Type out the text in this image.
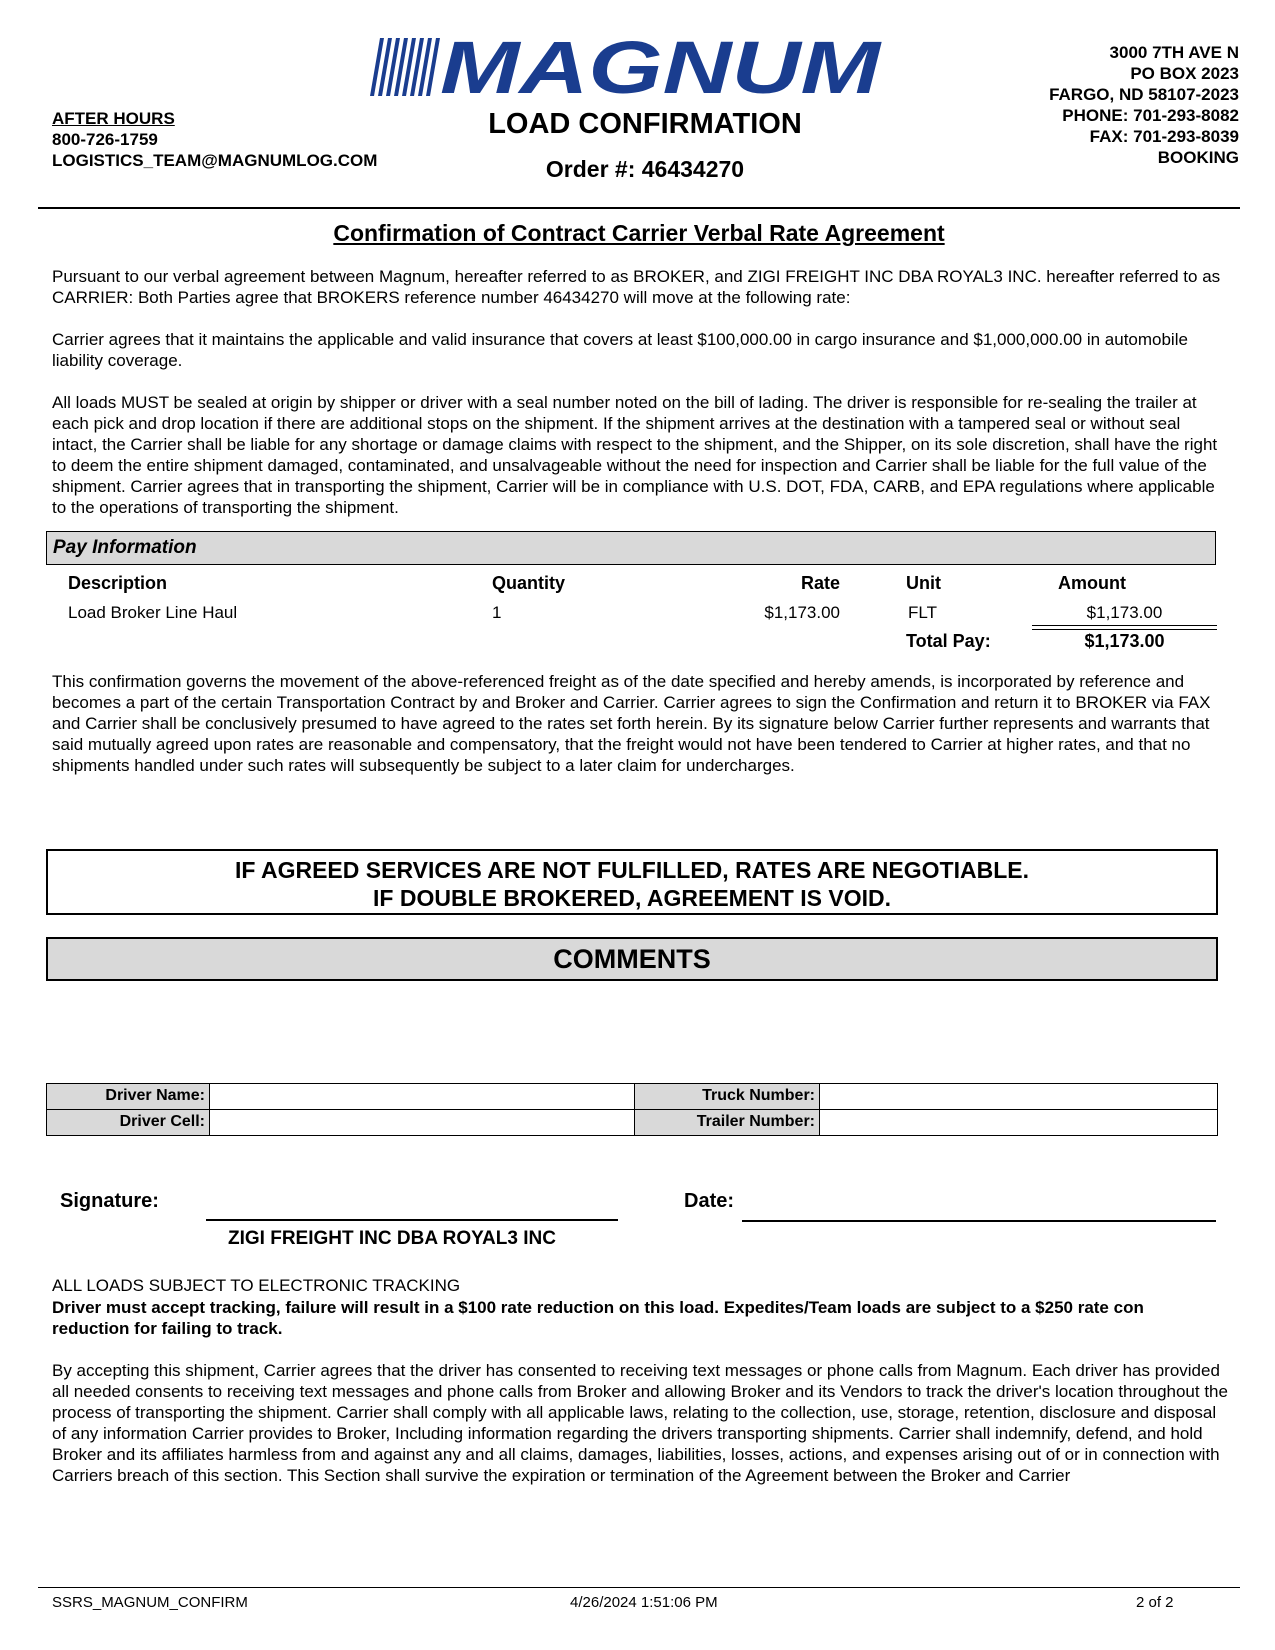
MAGNUM
AFTER HOURS
800-726-1759
LOGISTICS_TEAM@MAGNUMLOG.COM
LOAD CONFIRMATION
Order #: 46434270
3000 7TH AVE N
PO BOX 2023
FARGO, ND 58107-2023
PHONE: 701-293-8082
FAX: 701-293-8039
BOOKING
Confirmation of Contract Carrier Verbal Rate Agreement

Pursuant to our verbal agreement between Magnum, hereafter referred to as BROKER, and ZIGI FREIGHT INC DBA ROYAL3 INC. hereafter referred to as CARRIER: Both Parties agree that BROKERS reference number 46434270 will move at the following rate:

Carrier agrees that it maintains the applicable and valid insurance that covers at least $100,000.00 in cargo insurance and $1,000,000.00 in automobile liability coverage.

All loads MUST be sealed at origin by shipper or driver with a seal number noted on the bill of lading. The driver is responsible for re-sealing the trailer at each pick and drop location if there are additional stops on the shipment. If the shipment arrives at the destination with a tampered seal or without seal intact, the Carrier shall be liable for any shortage or damage claims with respect to the shipment, and the Shipper, on its sole discretion, shall have the right to deem the entire shipment damaged, contaminated, and unsalvageable without the need for inspection and Carrier shall be liable for the full value of the shipment. Carrier agrees that in transporting the shipment, Carrier will be in compliance with U.S. DOT, FDA, CARB, and EPA regulations where applicable to the operations of transporting the shipment.

Pay Information
Description	Quantity	Rate	Unit	Amount
Load Broker Line Haul	1	$1,173.00	FLT	$1,173.00
Total Pay:	$1,173.00

This confirmation governs the movement of the above-referenced freight as of the date specified and hereby amends, is incorporated by reference and becomes a part of the certain Transportation Contract by and Broker and Carrier. Carrier agrees to sign the Confirmation and return it to BROKER via FAX and Carrier shall be conclusively presumed to have agreed to the rates set forth herein. By its signature below Carrier further represents and warrants that said mutually agreed upon rates are reasonable and compensatory, that the freight would not have been tendered to Carrier at higher rates, and that no shipments handled under such rates will subsequently be subject to a later claim for undercharges.

IF AGREED SERVICES ARE NOT FULFILLED, RATES ARE NEGOTIABLE.
IF DOUBLE BROKERED, AGREEMENT IS VOID.
COMMENTS
Driver Name:	Truck Number:
Driver Cell:	Trailer Number:
Signature:	Date:
ZIGI FREIGHT INC DBA ROYAL3 INC
ALL LOADS SUBJECT TO ELECTRONIC TRACKING

Driver must accept tracking, failure will result in a $100 rate reduction on this load. Expedites/Team loads are subject to a $250 rate con reduction for failing to track.

By accepting this shipment, Carrier agrees that the driver has consented to receiving text messages or phone calls from Magnum. Each driver has provided all needed consents to receiving text messages and phone calls from Broker and allowing Broker and its Vendors to track the driver's location throughout the process of transporting the shipment. Carrier shall comply with all applicable laws, relating to the collection, use, storage, retention, disclosure and disposal of any information Carrier provides to Broker, Including information regarding the drivers transporting shipments. Carrier shall indemnify, defend, and hold Broker and its affiliates harmless from and against any and all claims, damages, liabilities, losses, actions, and expenses arising out of or in connection with Carriers breach of this section. This Section shall survive the expiration or termination of the Agreement between the Broker and Carrier

SSRS_MAGNUM_CONFIRM	4/26/2024 1:51:06 PM	2 of 2
